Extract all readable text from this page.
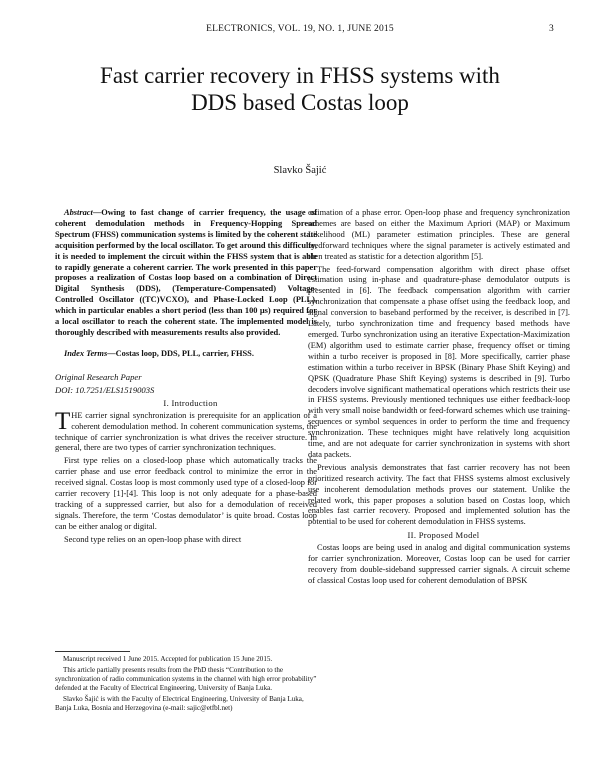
ELECTRONICS, VOL. 19, NO. 1, JUNE 2015	3
Fast carrier recovery in FHSS systems with
DDS based Costas loop
Slavko Šajić

Abstract—Owing to fast change of carrier frequency, the usage of coherent demodulation methods in Frequency-Hopping Spread Spectrum (FHSS) communication systems is limited by the coherent state acquisition performed by the local oscillator. To get around this difficulty, it is needed to implement the circuit within the FHSS system that is able to rapidly generate a coherent carrier. The work presented in this paper proposes a realization of Costas loop based on a combination of Direct Digital Synthesis (DDS), (Temperature-Compensated) Voltage-Controlled Oscillator ((TC)VCXO), and Phase-Locked Loop (PLL), which in particular enables a short period (less than 100 µs) required for a local oscillator to reach the coherent state. The implemented model is thoroughly described with measurements results also provided.

Index Terms—Costas loop, DDS, PLL, carrier, FHSS.

Original Research Paper

DOI: 10.7251/ELS1519003S

I. Introduction

THE carrier signal synchronization is prerequisite for an application of a coherent demodulation method. In coherent communication systems, the technique of carrier synchronization is what drives the receiver structure. In general, there are two types of carrier synchronization techniques.

First type relies on a closed-loop phase which automatically tracks the carrier phase and use error feedback control to minimize the error in the received signal. Costas loop is most commonly used type of a closed-loop for carrier recovery [1]-[4]. This loop is not only adequate for a phase-based tracking of a suppressed carrier, but also for a demodulation of received signals. Therefore, the term ‘Costas demodulator’ is quite broad. Costas loop can be either analog or digital.

Second type relies on an open-loop phase with direct

Manuscript received 1 June 2015. Accepted for publication 15 June 2015.

This article partially presents results from the PhD thesis “Contribution to the synchronization of radio communication systems in the channel with high error probability” defended at the Faculty of Electrical Engineering, University of Banja Luka.

Slavko Šajić is with the Faculty of Electrical Engineering, University of Banja Luka, Banja Luka, Bosnia and Herzegovina (e-mail: sajic@etfbl.net)

estimation of a phase error. Open-loop phase and frequency synchronization schemes are based on either the Maximum Apriori (MAP) or Maximum Likelihood (ML) parameter estimation principles. These are general feedforward techniques where the signal parameter is actively estimated and then treated as statistic for a detection algorithm [5].

The feed-forward compensation algorithm with direct phase offset estimation using in-phase and quadrature-phase demodulator outputs is presented in [6]. The feedback compensation algorithm with carrier synchronization that compensate a phase offset using the feedback loop, and signal conversion to baseband performed by the receiver, is described in [7]. Lately, turbo synchronization time and frequency based methods have emerged. Turbo synchronization using an iterative Expectation-Maximization (EM) algorithm used to estimate carrier phase, frequency offset or timing within a turbo receiver is proposed in [8]. More specifically, carrier phase estimation within a turbo receiver in BPSK (Binary Phase Shift Keying) and QPSK (Quadrature Phase Shift Keying) systems is described in [9]. Turbo decoders involve significant mathematical operations which restricts their use in FHSS systems. Previously mentioned techniques use either feedback-loop with very small noise bandwidth or feed-forward schemes which use training-sequences or symbol sequences in order to perform the time and frequency synchronization. These techniques might have relatively long acquisition time, and are not adequate for carrier synchronization in systems with short data packets.

Previous analysis demonstrates that fast carrier recovery has not been prioritized research activity. The fact that FHSS systems almost exclusively use incoherent demodulation methods proves our statement. Unlike the related work, this paper proposes a solution based on Costas loop, which enables fast carrier recovery. Proposed and implemented solution has the potential to be used for coherent demodulation in FHSS systems.

II. Proposed Model

Costas loops are being used in analog and digital communication systems for carrier synchronization. Moreover, Costas loop can be used for carrier recovery from double-sideband suppressed carrier signals. A circuit scheme of classical Costas loop used for coherent demodulation of BPSK
